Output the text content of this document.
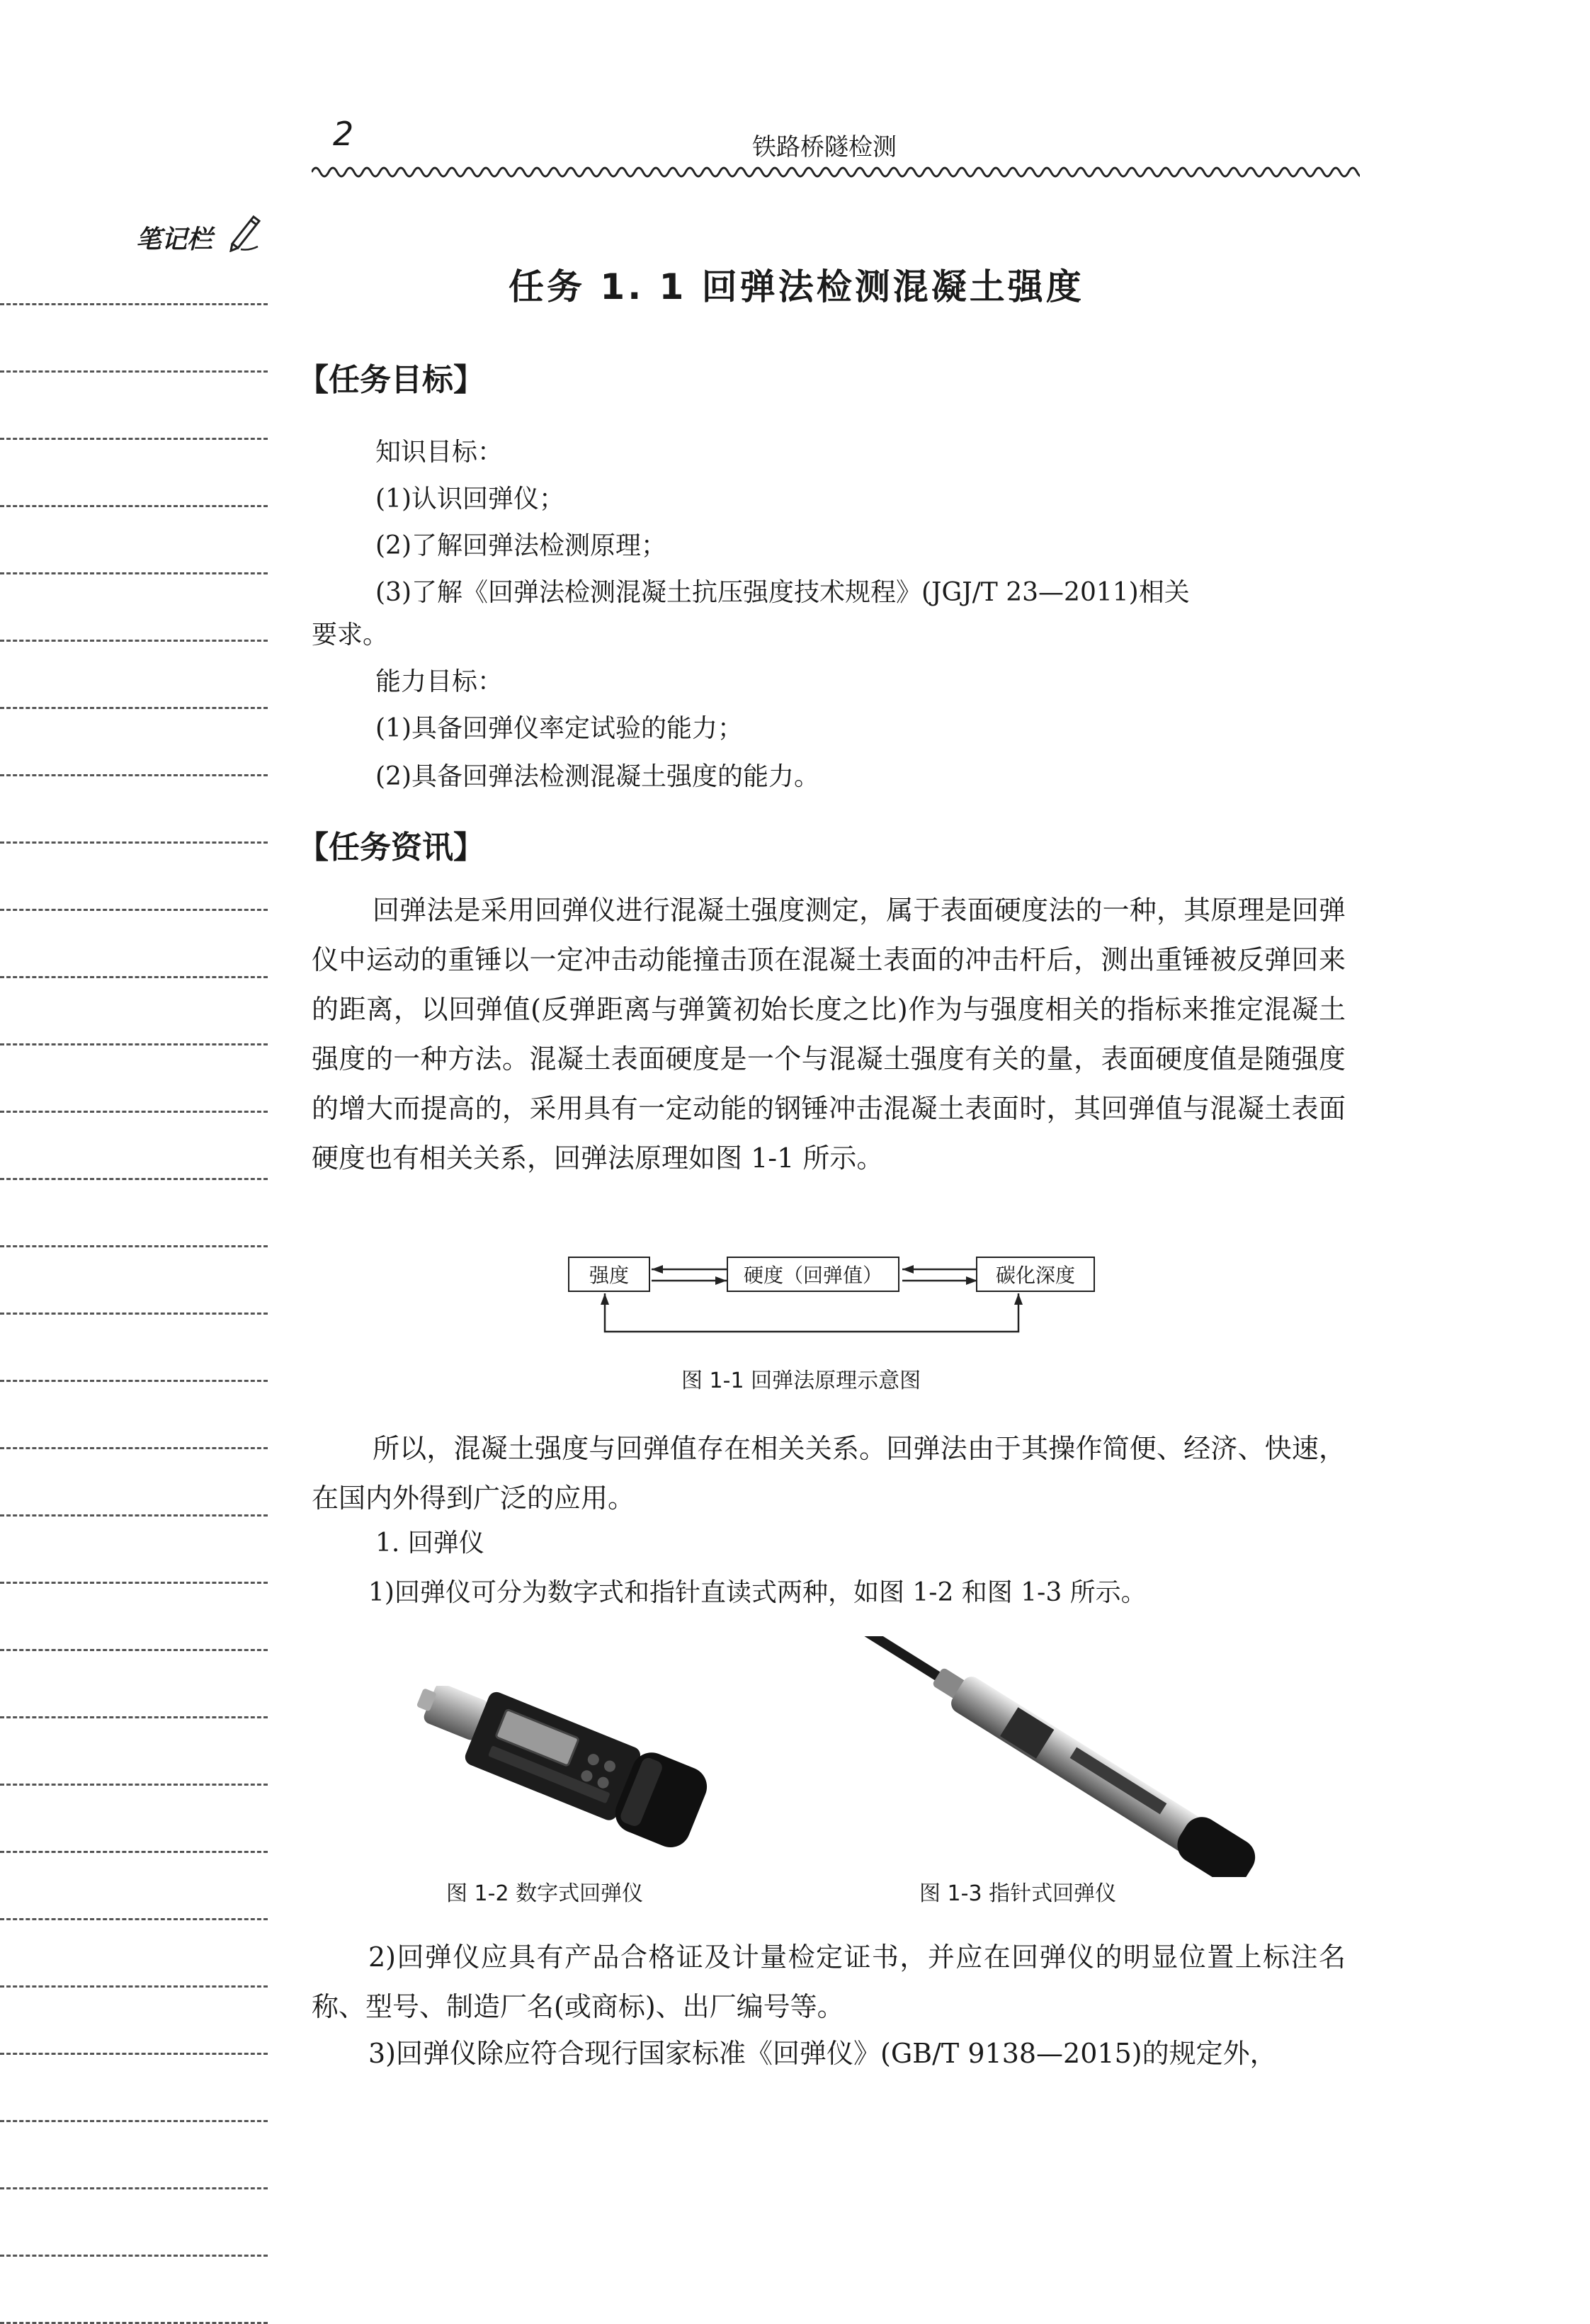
2	铁路桥隧检测
笔记栏
任务 1. 1 回弹法检测混凝土强度
【任务目标】
知识目标：
(1)认识回弹仪；
(2)了解回弹法检测原理；
(3)了解《回弹法检测混凝土抗压强度技术规程》(JGJ/T 23—2011)相关
要求。
能力目标：
(1)具备回弹仪率定试验的能力；
(2)具备回弹法检测混凝土强度的能力。
【任务资讯】
回弹法是采用回弹仪进行混凝土强度测定，属于表面硬度法的一种，其原理是回弹仪中运动的重锤以一定冲击动能撞击顶在混凝土表面的冲击杆后，测出重锤被反弹回来的距离，以回弹值(反弹距离与弹簧初始长度之比)作为与强度相关的指标来推定混凝土强度的一种方法。混凝土表面硬度是一个与混凝土强度有关的量，表面硬度值是随强度的增大而提高的，采用具有一定动能的钢锤冲击混凝土表面时，其回弹值与混凝土表面硬度也有相关关系，回弹法原理如图 1-1 所示。
强度	硬度（回弹值）	碳化深度
图 1-1 回弹法原理示意图
所以，混凝土强度与回弹值存在相关关系。回弹法由于其操作简便、经济、快速，在国内外得到广泛的应用。
1. 回弹仪
1)回弹仪可分为数字式和指针直读式两种，如图 1-2 和图 1-3 所示。
图 1-2 数字式回弹仪	图 1-3 指针式回弹仪
2)回弹仪应具有产品合格证及计量检定证书，并应在回弹仪的明显位置上标注名称、型号、制造厂名(或商标)、出厂编号等。
3)回弹仪除应符合现行国家标准《回弹仪》(GB/T 9138—2015)的规定外，
